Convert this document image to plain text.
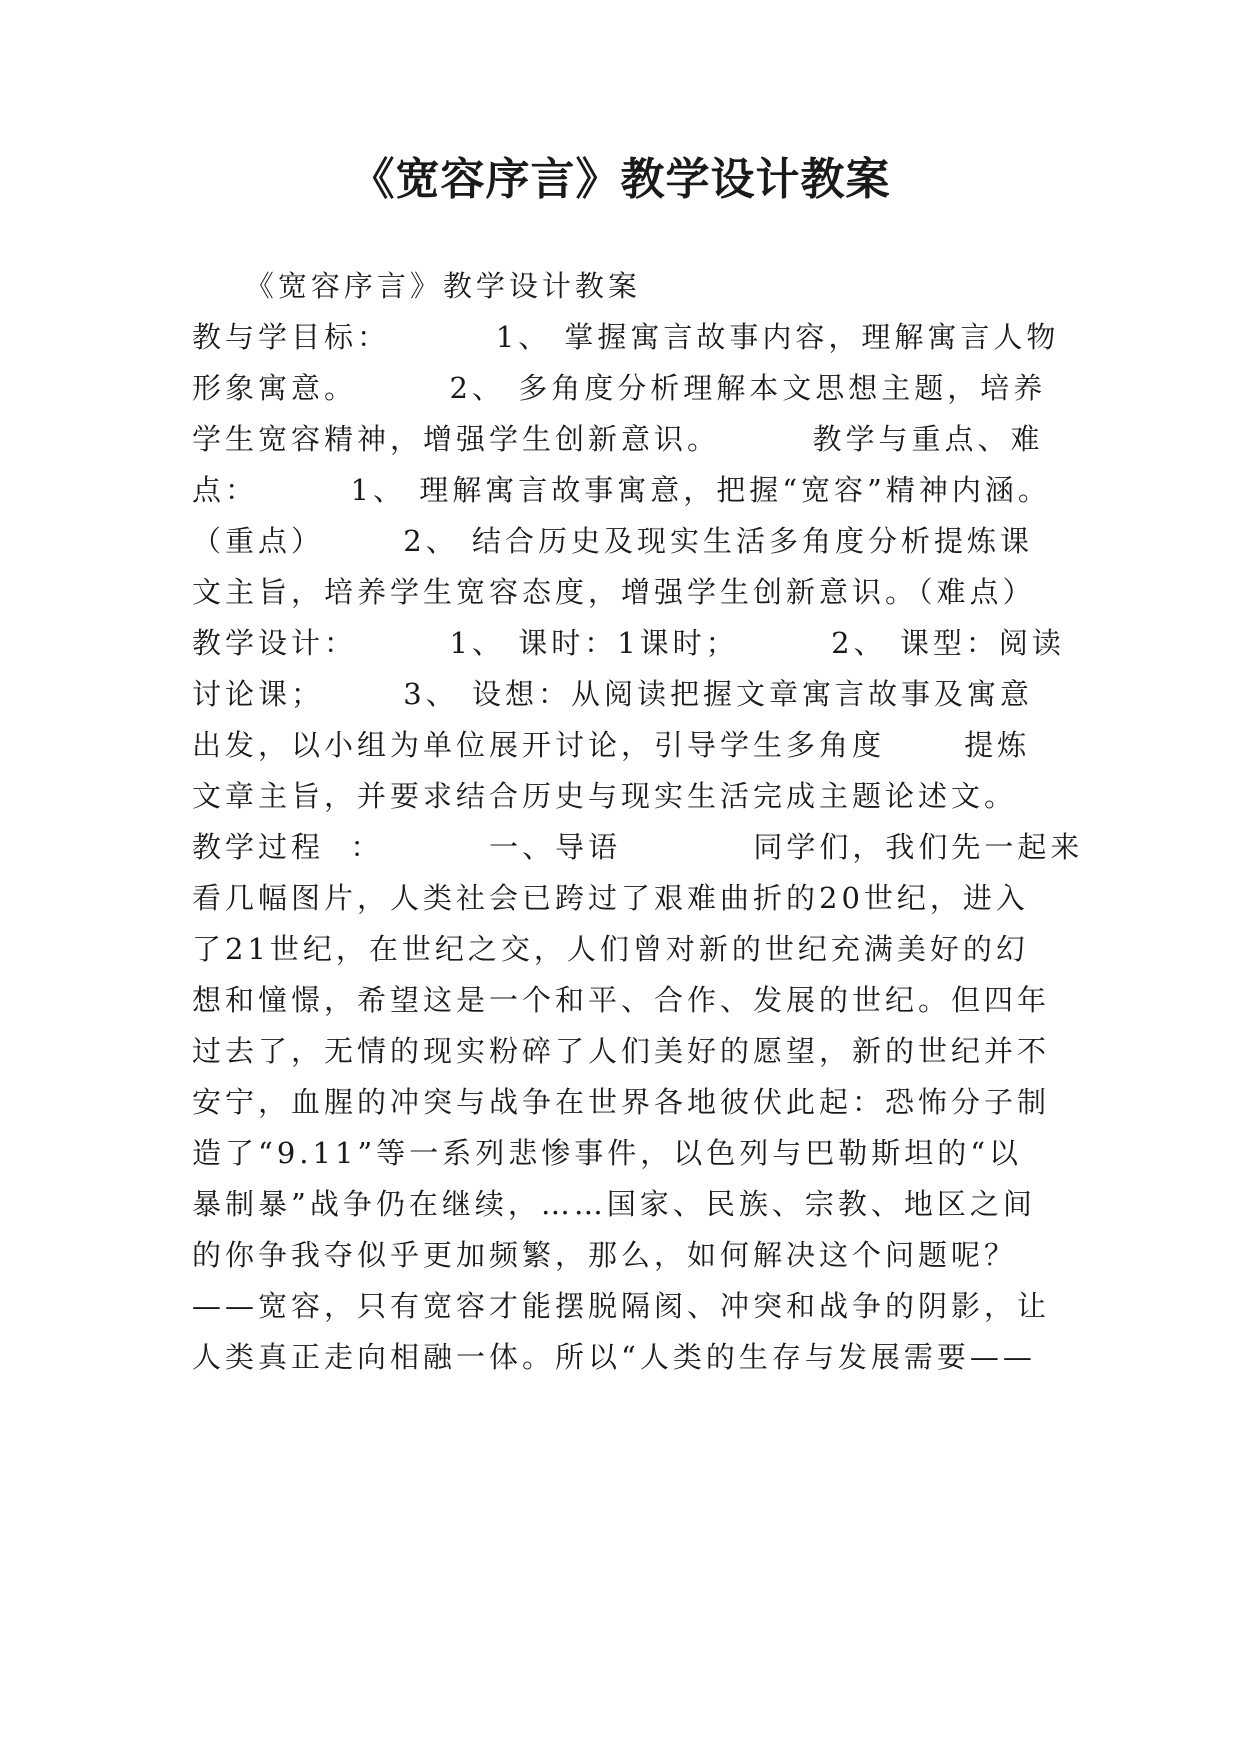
《宽容序言》教学设计教案

《宽容序言》教学设计教案

教与学目标：        1、 掌握寓言故事内容，理解寓言人物

形象寓意。       2、 多角度分析理解本文思想主题，培养

学生宽容精神，增强学生创新意识。       教学与重点、难

点：       1、 理解寓言故事寓意，把握“宽容”精神内涵。

（重点）      2、 结合历史及现实生活多角度分析提炼课

文主旨，培养学生宽容态度，增强学生创新意识。（难点）

教学设计：       1、 课时：1课时；       2、 课型：阅读

讨论课；      3、 设想：从阅读把握文章寓言故事及寓意

出发，以小组为单位展开讨论，引导学生多角度      提炼

文章主旨，并要求结合历史与现实生活完成主题论述文。

教学过程  ：        一、导语          同学们，我们先一起来

看几幅图片，人类社会已跨过了艰难曲折的20世纪，进入

了21世纪，在世纪之交，人们曾对新的世纪充满美好的幻

想和憧憬，希望这是一个和平、合作、发展的世纪。但四年

过去了，无情的现实粉碎了人们美好的愿望，新的世纪并不

安宁，血腥的冲突与战争在世界各地彼伏此起：恐怖分子制

造了“9.11”等一系列悲惨事件，以色列与巴勒斯坦的“以

暴制暴”战争仍在继续，……国家、民族、宗教、地区之间

的你争我夺似乎更加频繁，那么，如何解决这个问题呢？

——宽容，只有宽容才能摆脱隔阂、冲突和战争的阴影，让

人类真正走向相融一体。所以“人类的生存与发展需要——
